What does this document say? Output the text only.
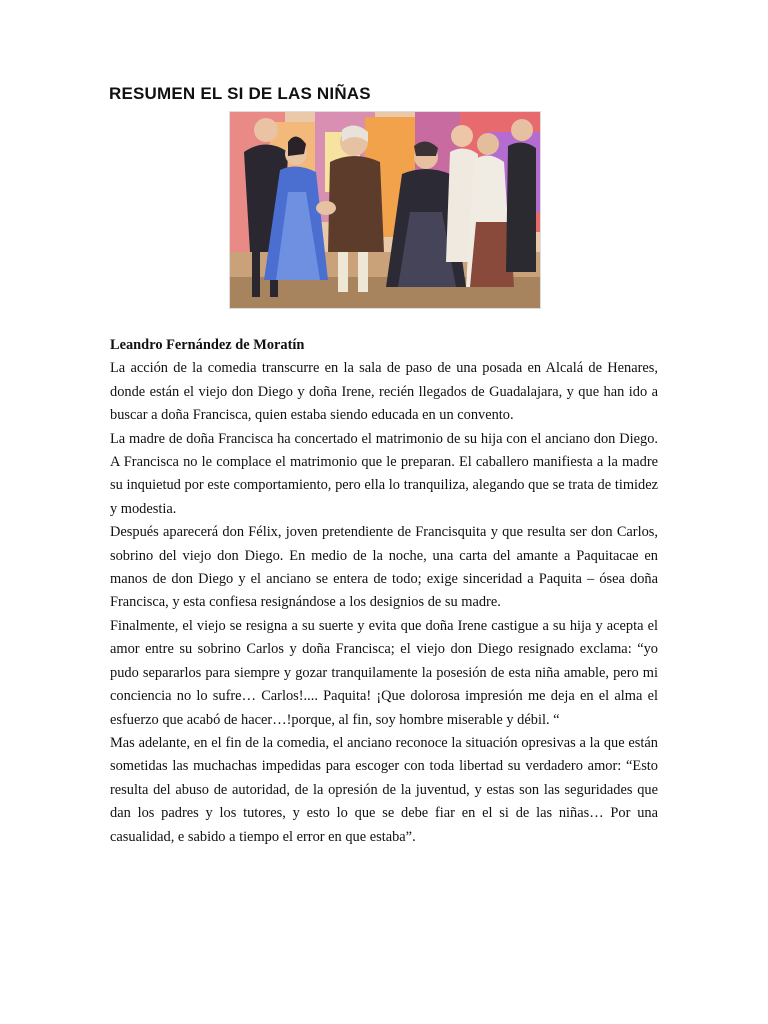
RESUMEN EL SI DE LAS NIÑAS

Leandro Fernández de Moratín

La acción de la comedia transcurre en la sala de paso de una posada en Alcalá de Henares, donde están el viejo don Diego y doña Irene, recién llegados de Guadalajara, y que han ido a buscar a doña Francisca, quien estaba siendo educada en un convento.

La madre de doña Francisca ha concertado el matrimonio de su hija con el anciano don Diego. A Francisca no le complace el matrimonio que le preparan. El caballero manifiesta a la madre su inquietud por este comportamiento, pero ella lo tranquiliza, alegando que se trata de timidez y modestia.

Después aparecerá don Félix, joven pretendiente de Francisquita y que resulta ser don Carlos, sobrino del viejo don Diego. En medio de la noche, una carta del amante a Paquitacae en manos de don Diego y el anciano se entera de todo; exige sinceridad a Paquita – ósea doña Francisca, y esta confiesa resignándose a los designios de su madre.

Finalmente, el viejo se resigna a su suerte y evita que doña Irene castigue a su hija y acepta el amor entre su sobrino Carlos y doña Francisca; el viejo don Diego resignado exclama: “yo pudo separarlos para siempre y gozar tranquilamente la posesión de esta niña amable, pero mi conciencia no lo sufre… Carlos!.... Paquita! ¡Que dolorosa impresión me deja en el alma el esfuerzo que acabó de hacer…!porque, al fin, soy hombre miserable y débil. “

Mas adelante, en el fin de la comedia, el anciano reconoce la situación opresivas a la que están sometidas las muchachas impedidas para escoger con toda libertad su verdadero amor: “Esto resulta del abuso de autoridad, de la opresión de la juventud, y estas son las seguridades que dan los padres y los tutores, y esto lo que se debe fiar en el si de las niñas… Por una casualidad, e sabido a tiempo el error en que estaba”.
